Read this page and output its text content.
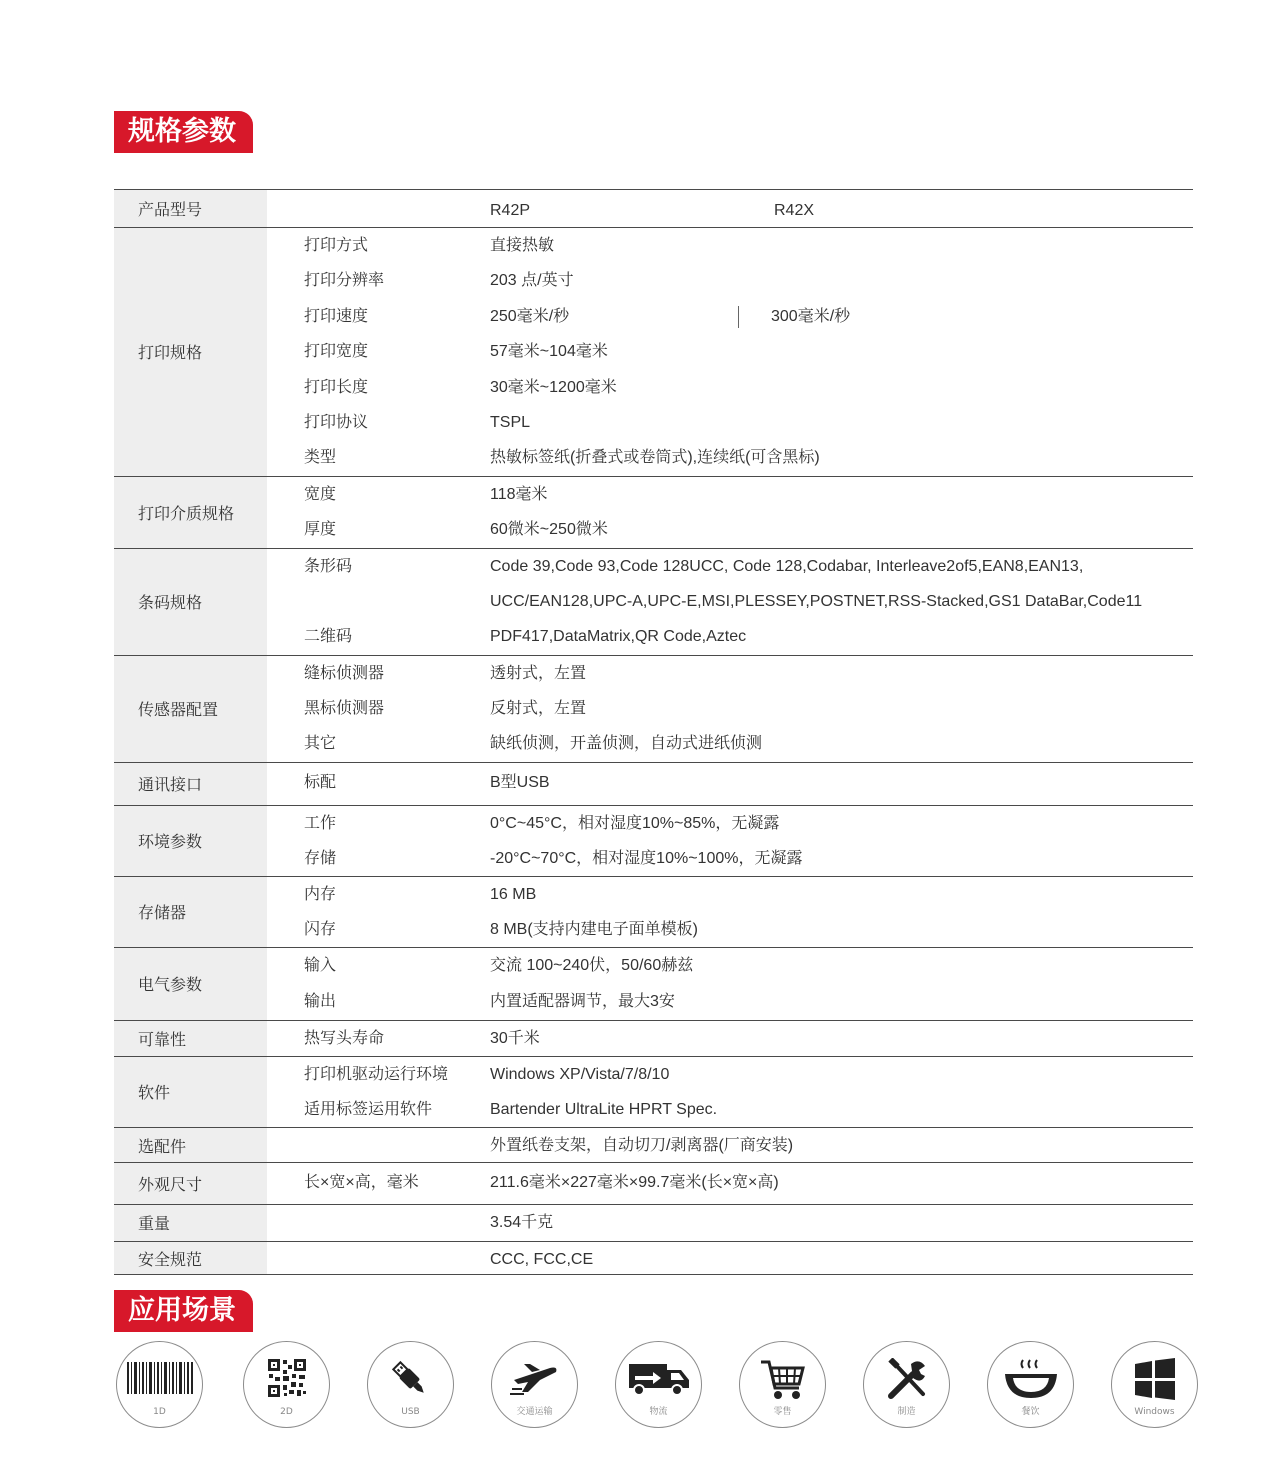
规格参数
产品型号	R42P	R42X
打印规格
打印方式	直接热敏
打印分辨率	203 点/英寸
打印速度	250毫米/秒	300毫米/秒
打印宽度	57毫米~104毫米
打印长度	30毫米~1200毫米
打印协议	TSPL
类型	热敏标签纸(折叠式或卷筒式),连续纸(可含黑标)
打印介质规格
宽度	118毫米
厚度	60微米~250微米
条码规格
条形码	Code 39,Code 93,Code 128UCC, Code 128,Codabar, Interleave2of5,EAN8,EAN13,
UCC/EAN128,UPC-A,UPC-E,MSI,PLESSEY,POSTNET,RSS-Stacked,GS1 DataBar,Code11
二维码	PDF417,DataMatrix,QR Code,Aztec
传感器配置
缝标侦测器	透射式，左置
黑标侦测器	反射式，左置
其它	缺纸侦测，开盖侦测，自动式进纸侦测
通讯接口	标配	B型USB
环境参数
工作	0°C~45°C，相对湿度10%~85%，无凝露
存储	-20°C~70°C，相对湿度10%~100%，无凝露
存储器
内存	16 MB
闪存	8 MB(支持内建电子面单模板)
电气参数
输入	交流 100~240伏，50/60赫兹
输出	内置适配器调节，最大3安
可靠性	热写头寿命	30千米
软件
打印机驱动运行环境	Windows XP/Vista/7/8/10
适用标签运用软件	Bartender UltraLite HPRT Spec.
选配件	外置纸卷支架，自动切刀/剥离器(厂商安装)
外观尺寸	长×宽×高，毫米	211.6毫米×227毫米×99.7毫米(长×宽×高)
重量	3.54千克
安全规范	CCC, FCC,CE
应用场景
1D	2D	USB	交通运输	物流	零售	制造	餐饮	Windows
